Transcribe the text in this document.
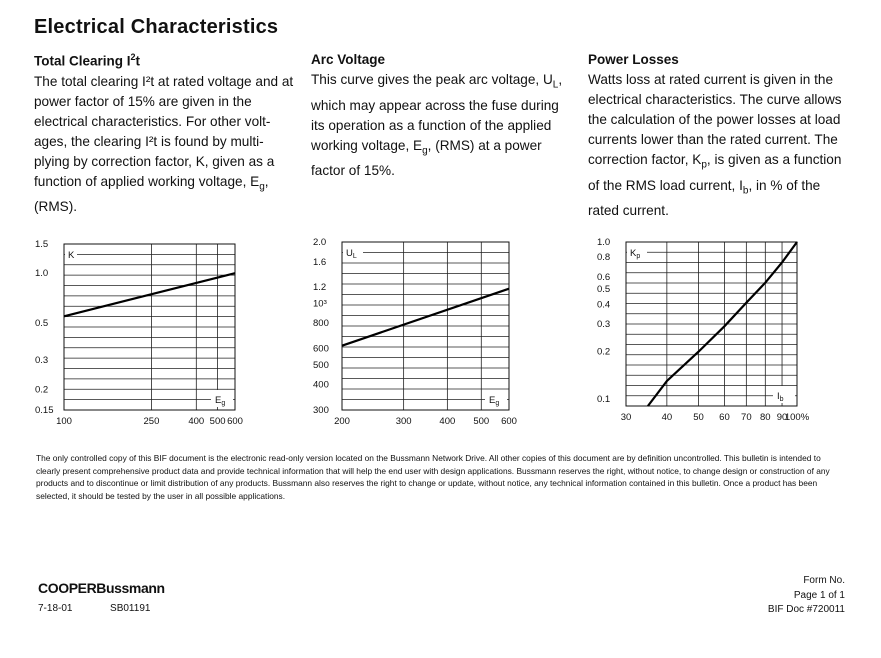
Electrical Characteristics
Total Clearing $I^2t$

The total clearing I²t at rated voltage and at power factor of 15% are given in the electrical characteristics. For other volt-ages, the clearing I²t is found by multi-plying by correction factor, K, given as a function of applied working voltage, $E_g$, (RMS).

Arc Voltage

This curve gives the peak arc voltage, $U_L$, which may appear across the fuse during its operation as a function of the applied working voltage, $E_g$, (RMS) at a power factor of 15%.

Power Losses

Watts loss at rated current is given in the electrical characteristics. The curve allows the calculation of the power losses at load currents lower than the rated current. The correction factor, $K_p$, is given as a function of the RMS load current, $I_b$, in % of the rated current.

100	250	400 500 600
1.5
1.0
0.5
0.3
0.2
0.15
K
$E_g$
200	300	400 500 600
2.0
1.6
1.2
10³
800
600
500
400
300
$U_L$
$E_g$
30	40 50 60 70 80 90
100%
1.0
0.8
0.6
0.5
0.4
0.3
0.2
0.1
$K_p$
$I_b$
The only controlled copy of this BIF document is the electronic read-only version located on the Bussmann Network Drive. All other copies of this document are by definition uncontrolled. This bulletin is intended to clearly present comprehensive product data and provide technical information that will help the end user with design applications. Bussmann reserves the right, without notice, to change design or construction of any products and to discontinue or limit distribution of any products. Bussmann also reserves the right to change or update, without notice, any technical information contained in this bulletin. Once a product has been selected, it should be tested by the user in all possible applications.
COOPERBussmann
7-18-01	SB01191
Form No.
Page 1 of 1
BIF Doc #720011
